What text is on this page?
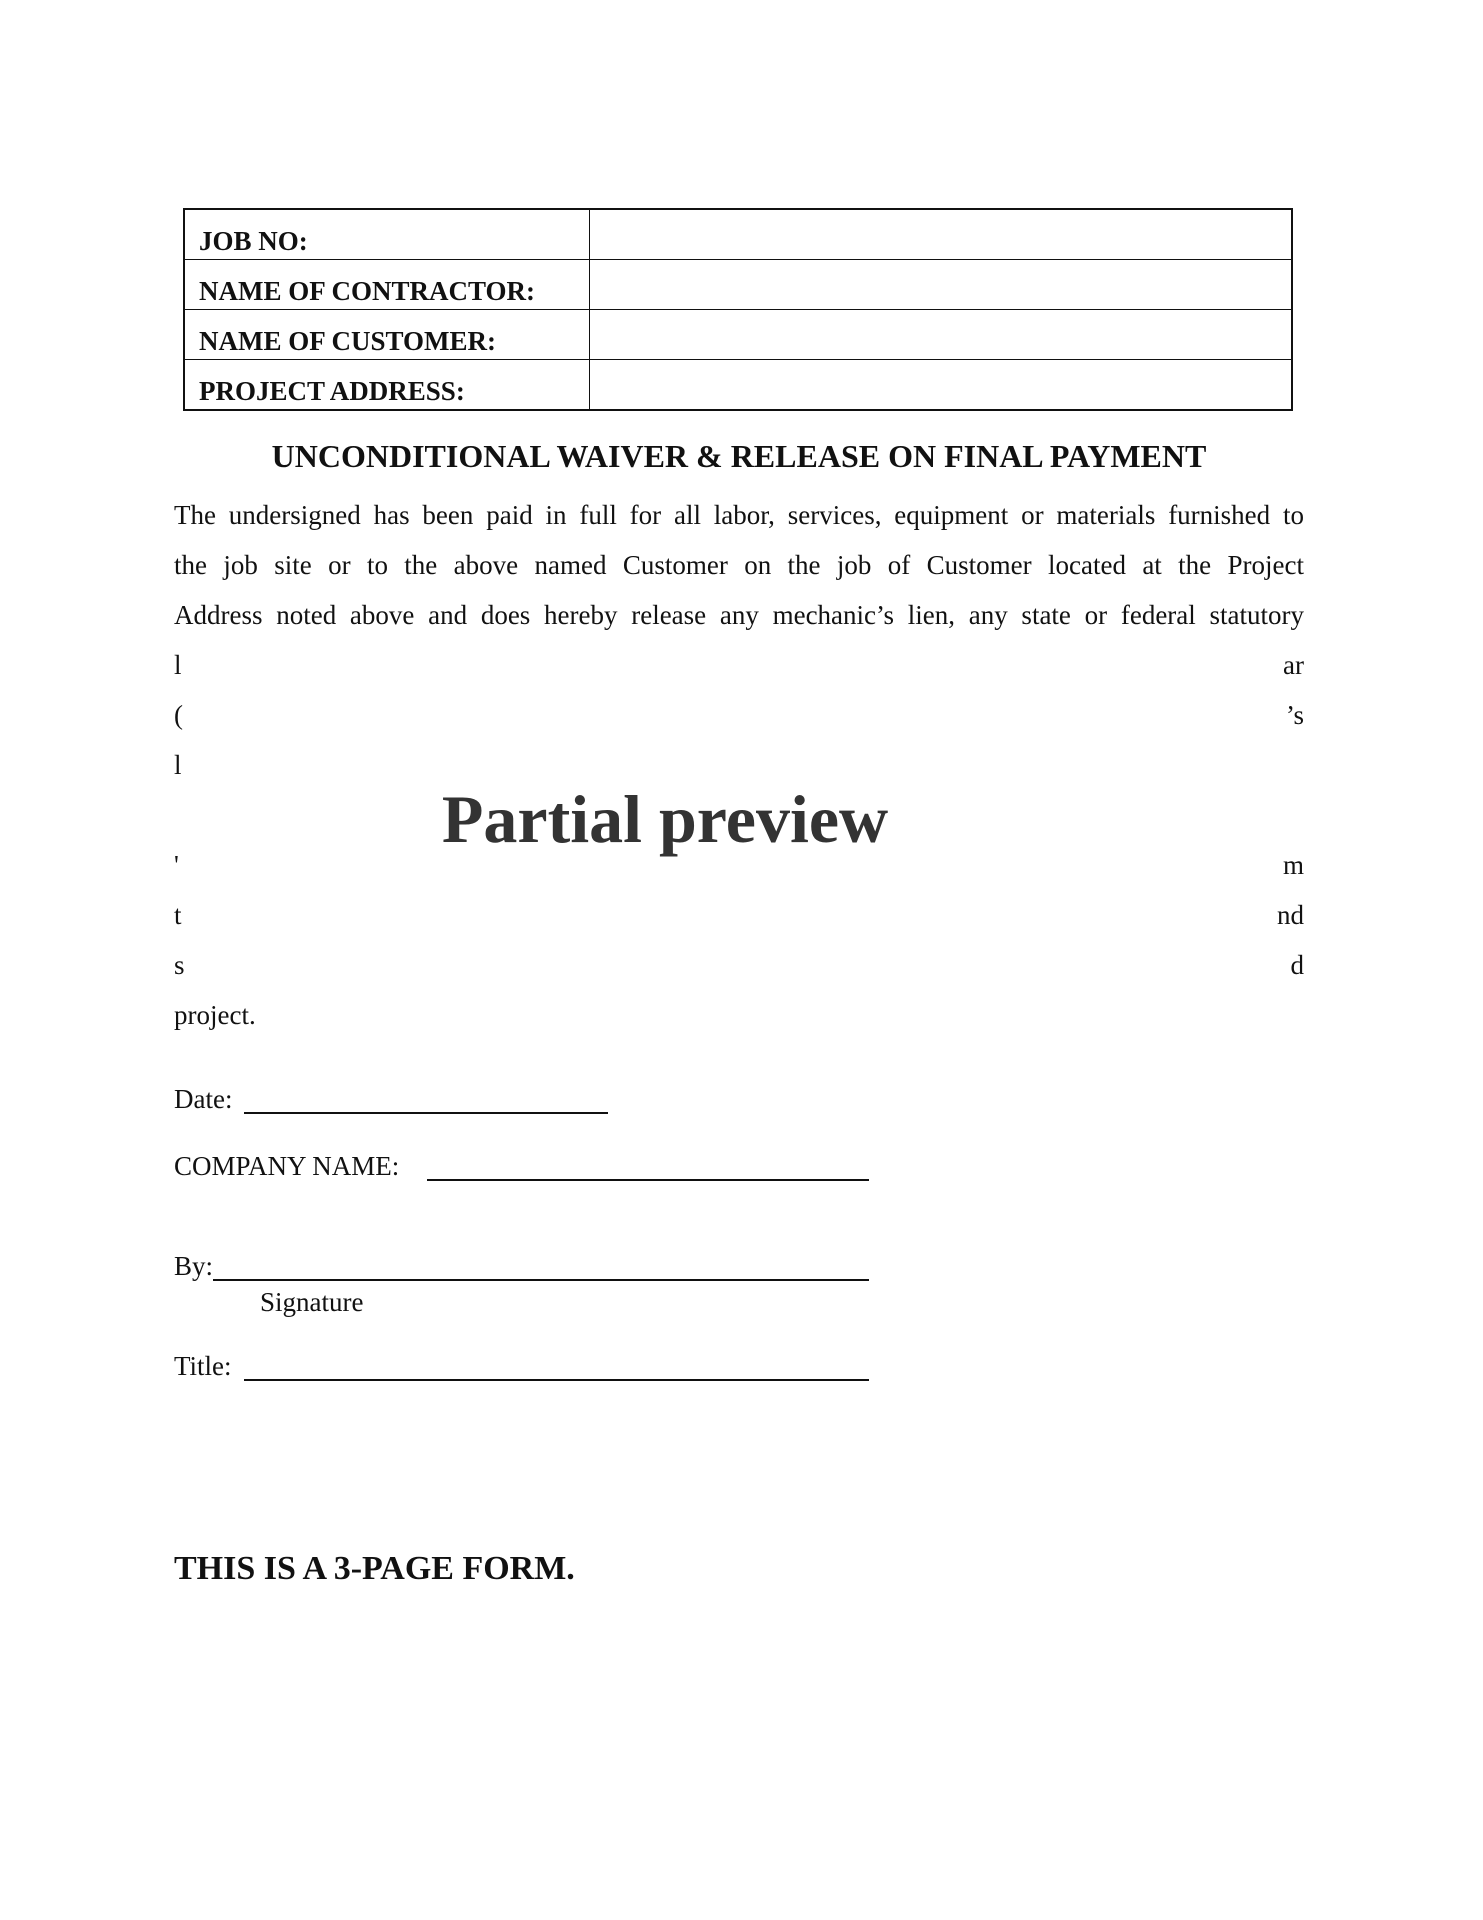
JOB NO:	
NAME OF CONTRACTOR:	
NAME OF CUSTOMER:	
PROJECT ADDRESS:	
UNCONDITIONAL WAIVER & RELEASE ON FINAL PAYMENT
The undersigned has been paid in full for all labor, services, equipment or materials furnished to
the job site or to the above named Customer on the job of Customer located at the Project
Address noted above and does hereby release any mechanic’s lien, any state or federal statutory
l	ar
(	’s
l
'	m
t	nd
s	d
project.
Partial preview
Date:
COMPANY NAME:
By:
Signature
Title:
THIS IS A 3-PAGE FORM.
